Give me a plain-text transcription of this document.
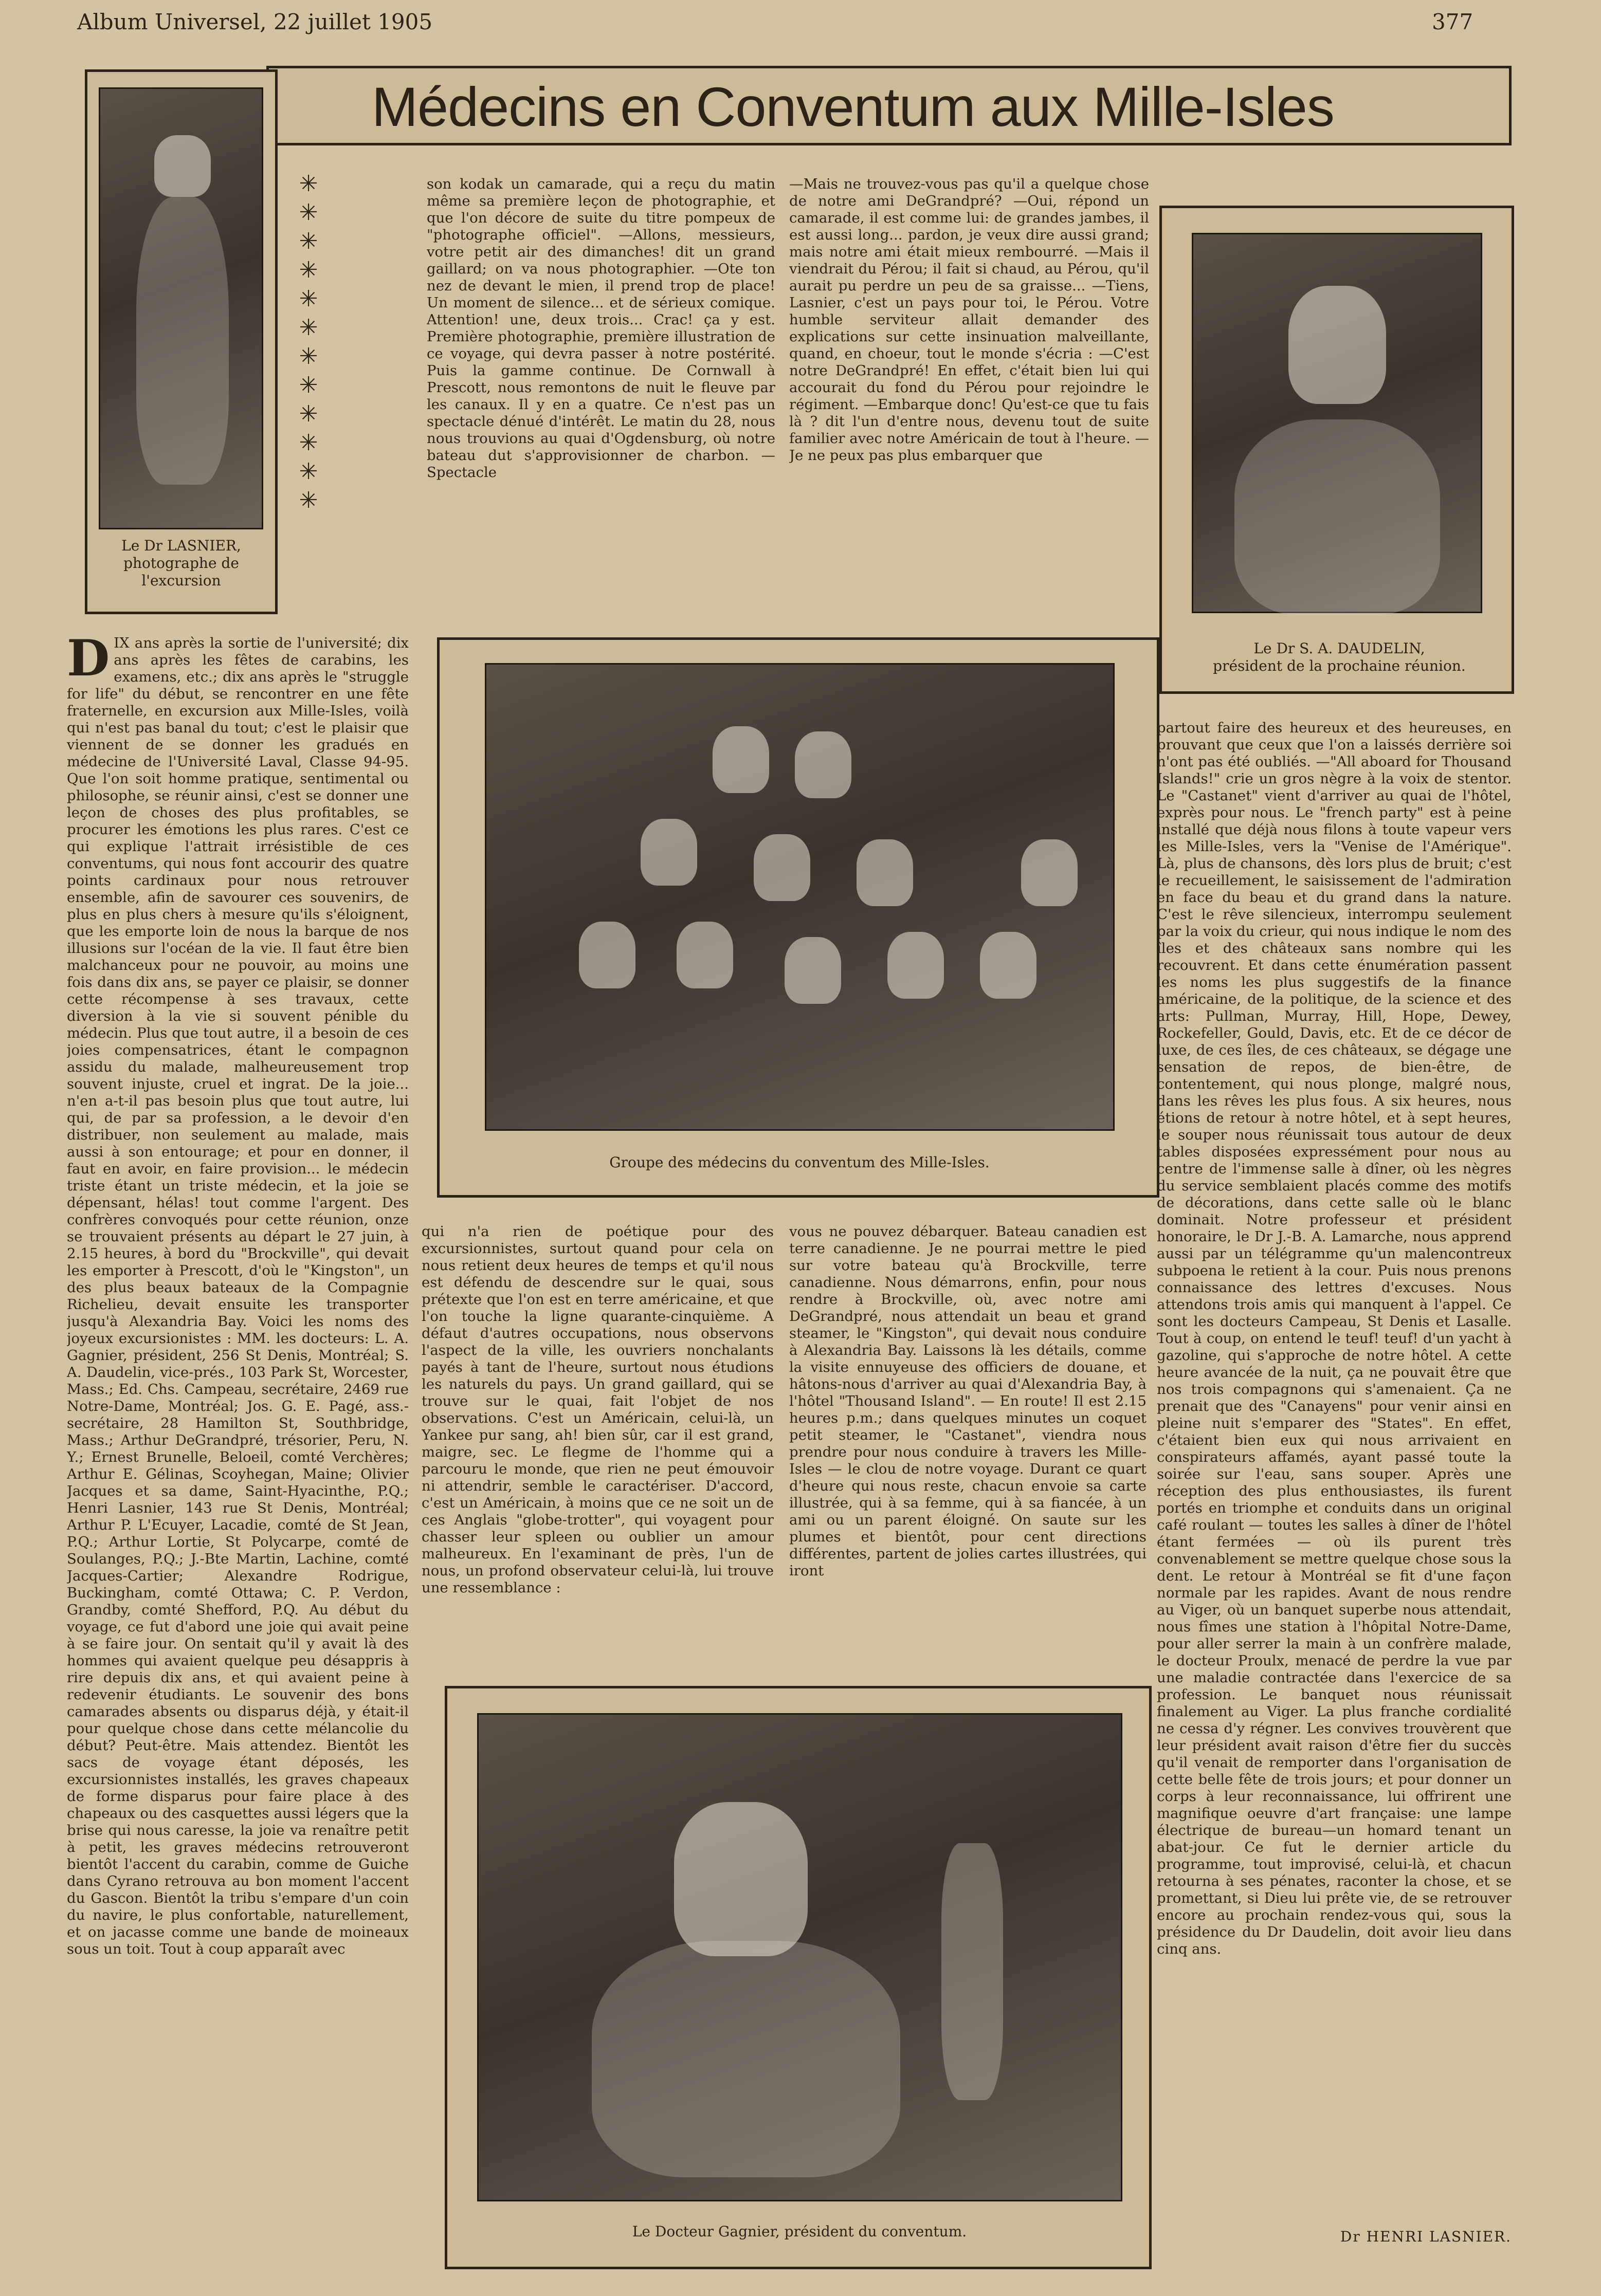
Album Universel, 22 juillet 1905	377
Médecins en Conventum aux Mille-Isles
Le Dr LASNIER,
photographe de l'excursion
✳
✳
✳
✳
✳
✳
✳
✳
✳
✳
✳
✳
son kodak un camarade, qui a reçu du matin même sa première leçon de photographie, et que l'on décore de suite du titre pompeux de "photographe officiel". —Allons, messieurs, votre petit air des dimanches! dit un grand gaillard; on va nous photographier. —Ote ton nez de devant le mien, il prend trop de place! Un moment de silence... et de sérieux comique. Attention! une, deux trois... Crac! ça y est. Première photographie, première illustration de ce voyage, qui devra passer à notre postérité. Puis la gamme continue. De Cornwall à Prescott, nous remontons de nuit le fleuve par les canaux. Il y en a quatre. Ce n'est pas un spectacle dénué d'intérêt. Le matin du 28, nous nous trouvions au quai d'Ogdensburg, où notre bateau dut s'approvisionner de charbon. — Spectacle
—Mais ne trouvez-vous pas qu'il a quelque chose de notre ami DeGrandpré? —Oui, répond un camarade, il est comme lui: de grandes jambes, il est aussi long... pardon, je veux dire aussi grand; mais notre ami était mieux rembourré. —Mais il viendrait du Pérou; il fait si chaud, au Pérou, qu'il aurait pu perdre un peu de sa graisse... —Tiens, Lasnier, c'est un pays pour toi, le Pérou. Votre humble serviteur allait demander des explications sur cette insinuation malveillante, quand, en choeur, tout le monde s'écria : —C'est notre DeGrandpré! En effet, c'était bien lui qui accourait du fond du Pérou pour rejoindre le régiment. —Embarque donc! Qu'est-ce que tu fais là ? dit l'un d'entre nous, devenu tout de suite familier avec notre Américain de tout à l'heure. —Je ne peux pas plus embarquer que
Le Dr S. A. DAUDELIN,
président de la prochaine réunion.
D IX ans après la sortie de l'université; dix ans après les fêtes de carabins, les examens, etc.; dix ans après le "struggle for life" du début, se rencontrer en une fête fraternelle, en excursion aux Mille-Isles, voilà qui n'est pas banal du tout; c'est le plaisir que viennent de se donner les gradués en médecine de l'Université Laval, Classe 94-95. Que l'on soit homme pratique, sentimental ou philosophe, se réunir ainsi, c'est se donner une leçon de choses des plus profitables, se procurer les émotions les plus rares. C'est ce qui explique l'attrait irrésistible de ces conventums, qui nous font accourir des quatre points cardinaux pour nous retrouver ensemble, afin de savourer ces souvenirs, de plus en plus chers à mesure qu'ils s'éloignent, que les emporte loin de nous la barque de nos illusions sur l'océan de la vie. Il faut être bien malchanceux pour ne pouvoir, au moins une fois dans dix ans, se payer ce plaisir, se donner cette récompense à ses travaux, cette diversion à la vie si souvent pénible du médecin. Plus que tout autre, il a besoin de ces joies compensatrices, étant le compagnon assidu du malade, malheureusement trop souvent injuste, cruel et ingrat. De la joie... n'en a-t-il pas besoin plus que tout autre, lui qui, de par sa profession, a le devoir d'en distribuer, non seulement au malade, mais aussi à son entourage; et pour en donner, il faut en avoir, en faire provision... le médecin triste étant un triste médecin, et la joie se dépensant, hélas! tout comme l'argent. Des confrères convoqués pour cette réunion, onze se trouvaient présents au départ le 27 juin, à 2.15 heures, à bord du "Brockville", qui devait les emporter à Prescott, d'où le "Kingston", un des plus beaux bateaux de la Compagnie Richelieu, devait ensuite les transporter jusqu'à Alexandria Bay. Voici les noms des joyeux excursionistes : MM. les docteurs: L. A. Gagnier, président, 256 St Denis, Montréal; S. A. Daudelin, vice-prés., 103 Park St, Worcester, Mass.; Ed. Chs. Campeau, secrétaire, 2469 rue Notre-Dame, Montréal; Jos. G. E. Pagé, ass.-secrétaire, 28 Hamilton St, Southbridge, Mass.; Arthur DeGrandpré, trésorier, Peru, N. Y.; Ernest Brunelle, Beloeil, comté Verchères; Arthur E. Gélinas, Scoyhegan, Maine; Olivier Jacques et sa dame, Saint-Hyacinthe, P.Q.; Henri Lasnier, 143 rue St Denis, Montréal; Arthur P. L'Ecuyer, Lacadie, comté de St Jean, P.Q.; Arthur Lortie, St Polycarpe, comté de Soulanges, P.Q.; J.-Bte Martin, Lachine, comté Jacques-Cartier; Alexandre Rodrigue, Buckingham, comté Ottawa; C. P. Verdon, Grandby, comté Shefford, P.Q. Au début du voyage, ce fut d'abord une joie qui avait peine à se faire jour. On sentait qu'il y avait là des hommes qui avaient quelque peu désappris à rire depuis dix ans, et qui avaient peine à redevenir étudiants. Le souvenir des bons camarades absents ou disparus déjà, y était-il pour quelque chose dans cette mélancolie du début? Peut-être. Mais attendez. Bientôt les sacs de voyage étant déposés, les excursionnistes installés, les graves chapeaux de forme disparus pour faire place à des chapeaux ou des casquettes aussi légers que la brise qui nous caresse, la joie va renaître petit à petit, les graves médecins retrouveront bientôt l'accent du carabin, comme de Guiche dans Cyrano retrouva au bon moment l'accent du Gascon. Bientôt la tribu s'empare d'un coin du navire, le plus confortable, naturellement, et on jacasse comme une bande de moineaux sous un toit. Tout à coup apparaît avec
Groupe des médecins du conventum des Mille-Isles.
qui n'a rien de poétique pour des excursionnistes, surtout quand pour cela on nous retient deux heures de temps et qu'il nous est défendu de descendre sur le quai, sous prétexte que l'on est en terre américaine, et que l'on touche la ligne quarante-cinquième. A défaut d'autres occupations, nous observons l'aspect de la ville, les ouvriers nonchalants payés à tant de l'heure, surtout nous étudions les naturels du pays. Un grand gaillard, qui se trouve sur le quai, fait l'objet de nos observations. C'est un Américain, celui-là, un Yankee pur sang, ah! bien sûr, car il est grand, maigre, sec. Le flegme de l'homme qui a parcouru le monde, que rien ne peut émouvoir ni attendrir, semble le caractériser. D'accord, c'est un Américain, à moins que ce ne soit un de ces Anglais "globe-trotter", qui voyagent pour chasser leur spleen ou oublier un amour malheureux. En l'examinant de près, l'un de nous, un profond observateur celui-là, lui trouve une ressemblance :
vous ne pouvez débarquer. Bateau canadien est terre canadienne. Je ne pourrai mettre le pied sur votre bateau qu'à Brockville, terre canadienne. Nous démarrons, enfin, pour nous rendre à Brockville, où, avec notre ami DeGrandpré, nous attendait un beau et grand steamer, le "Kingston", qui devait nous conduire à Alexandria Bay. Laissons là les détails, comme la visite ennuyeuse des officiers de douane, et hâtons-nous d'arriver au quai d'Alexandria Bay, à l'hôtel "Thousand Island". — En route! Il est 2.15 heures p.m.; dans quelques minutes un coquet petit steamer, le "Castanet", viendra nous prendre pour nous conduire à travers les Mille-Isles — le clou de notre voyage. Durant ce quart d'heure qui nous reste, chacun envoie sa carte illustrée, qui à sa femme, qui à sa fiancée, à un ami ou un parent éloigné. On saute sur les plumes et bientôt, pour cent directions différentes, partent de jolies cartes illustrées, qui iront
partout faire des heureux et des heureuses, en prouvant que ceux que l'on a laissés derrière soi n'ont pas été oubliés. —"All aboard for Thousand Islands!" crie un gros nègre à la voix de stentor. Le "Castanet" vient d'arriver au quai de l'hôtel, exprès pour nous. Le "french party" est à peine installé que déjà nous filons à toute vapeur vers les Mille-Isles, vers la "Venise de l'Amérique". Là, plus de chansons, dès lors plus de bruit; c'est le recueillement, le saisissement de l'admiration en face du beau et du grand dans la nature. C'est le rêve silencieux, interrompu seulement par la voix du crieur, qui nous indique le nom des îles et des châteaux sans nombre qui les recouvrent. Et dans cette énumération passent les noms les plus suggestifs de la finance américaine, de la politique, de la science et des arts: Pullman, Murray, Hill, Hope, Dewey, Rockefeller, Gould, Davis, etc. Et de ce décor de luxe, de ces îles, de ces châteaux, se dégage une sensation de repos, de bien-être, de contentement, qui nous plonge, malgré nous, dans les rêves les plus fous. A six heures, nous étions de retour à notre hôtel, et à sept heures, le souper nous réunissait tous autour de deux tables disposées expressément pour nous au centre de l'immense salle à dîner, où les nègres du service semblaient placés comme des motifs de décorations, dans cette salle où le blanc dominait. Notre professeur et président honoraire, le Dr J.-B. A. Lamarche, nous apprend aussi par un télégramme qu'un malencontreux subpoena le retient à la cour. Puis nous prenons connaissance des lettres d'excuses. Nous attendons trois amis qui manquent à l'appel. Ce sont les docteurs Campeau, St Denis et Lasalle. Tout à coup, on entend le teuf! teuf! d'un yacht à gazoline, qui s'approche de notre hôtel. A cette heure avancée de la nuit, ça ne pouvait être que nos trois compagnons qui s'amenaient. Ça ne prenait que des "Canayens" pour venir ainsi en pleine nuit s'emparer des "States". En effet, c'étaient bien eux qui nous arrivaient en conspirateurs affamés, ayant passé toute la soirée sur l'eau, sans souper. Après une réception des plus enthousiastes, ils furent portés en triomphe et conduits dans un original café roulant — toutes les salles à dîner de l'hôtel étant fermées — où ils purent très convenablement se mettre quelque chose sous la dent. Le retour à Montréal se fit d'une façon normale par les rapides. Avant de nous rendre au Viger, où un banquet superbe nous attendait, nous fîmes une station à l'hôpital Notre-Dame, pour aller serrer la main à un confrère malade, le docteur Proulx, menacé de perdre la vue par une maladie contractée dans l'exercice de sa profession. Le banquet nous réunissait finalement au Viger. La plus franche cordialité ne cessa d'y régner. Les convives trouvèrent que leur président avait raison d'être fier du succès qu'il venait de remporter dans l'organisation de cette belle fête de trois jours; et pour donner un corps à leur reconnaissance, lui offrirent une magnifique oeuvre d'art française: une lampe électrique de bureau—un homard tenant un abat-jour. Ce fut le dernier article du programme, tout improvisé, celui-là, et chacun retourna à ses pénates, raconter la chose, et se promettant, si Dieu lui prête vie, de se retrouver encore au prochain rendez-vous qui, sous la présidence du Dr Daudelin, doit avoir lieu dans cinq ans.
Dr HENRI LASNIER.
Le Docteur Gagnier, président du conventum.
